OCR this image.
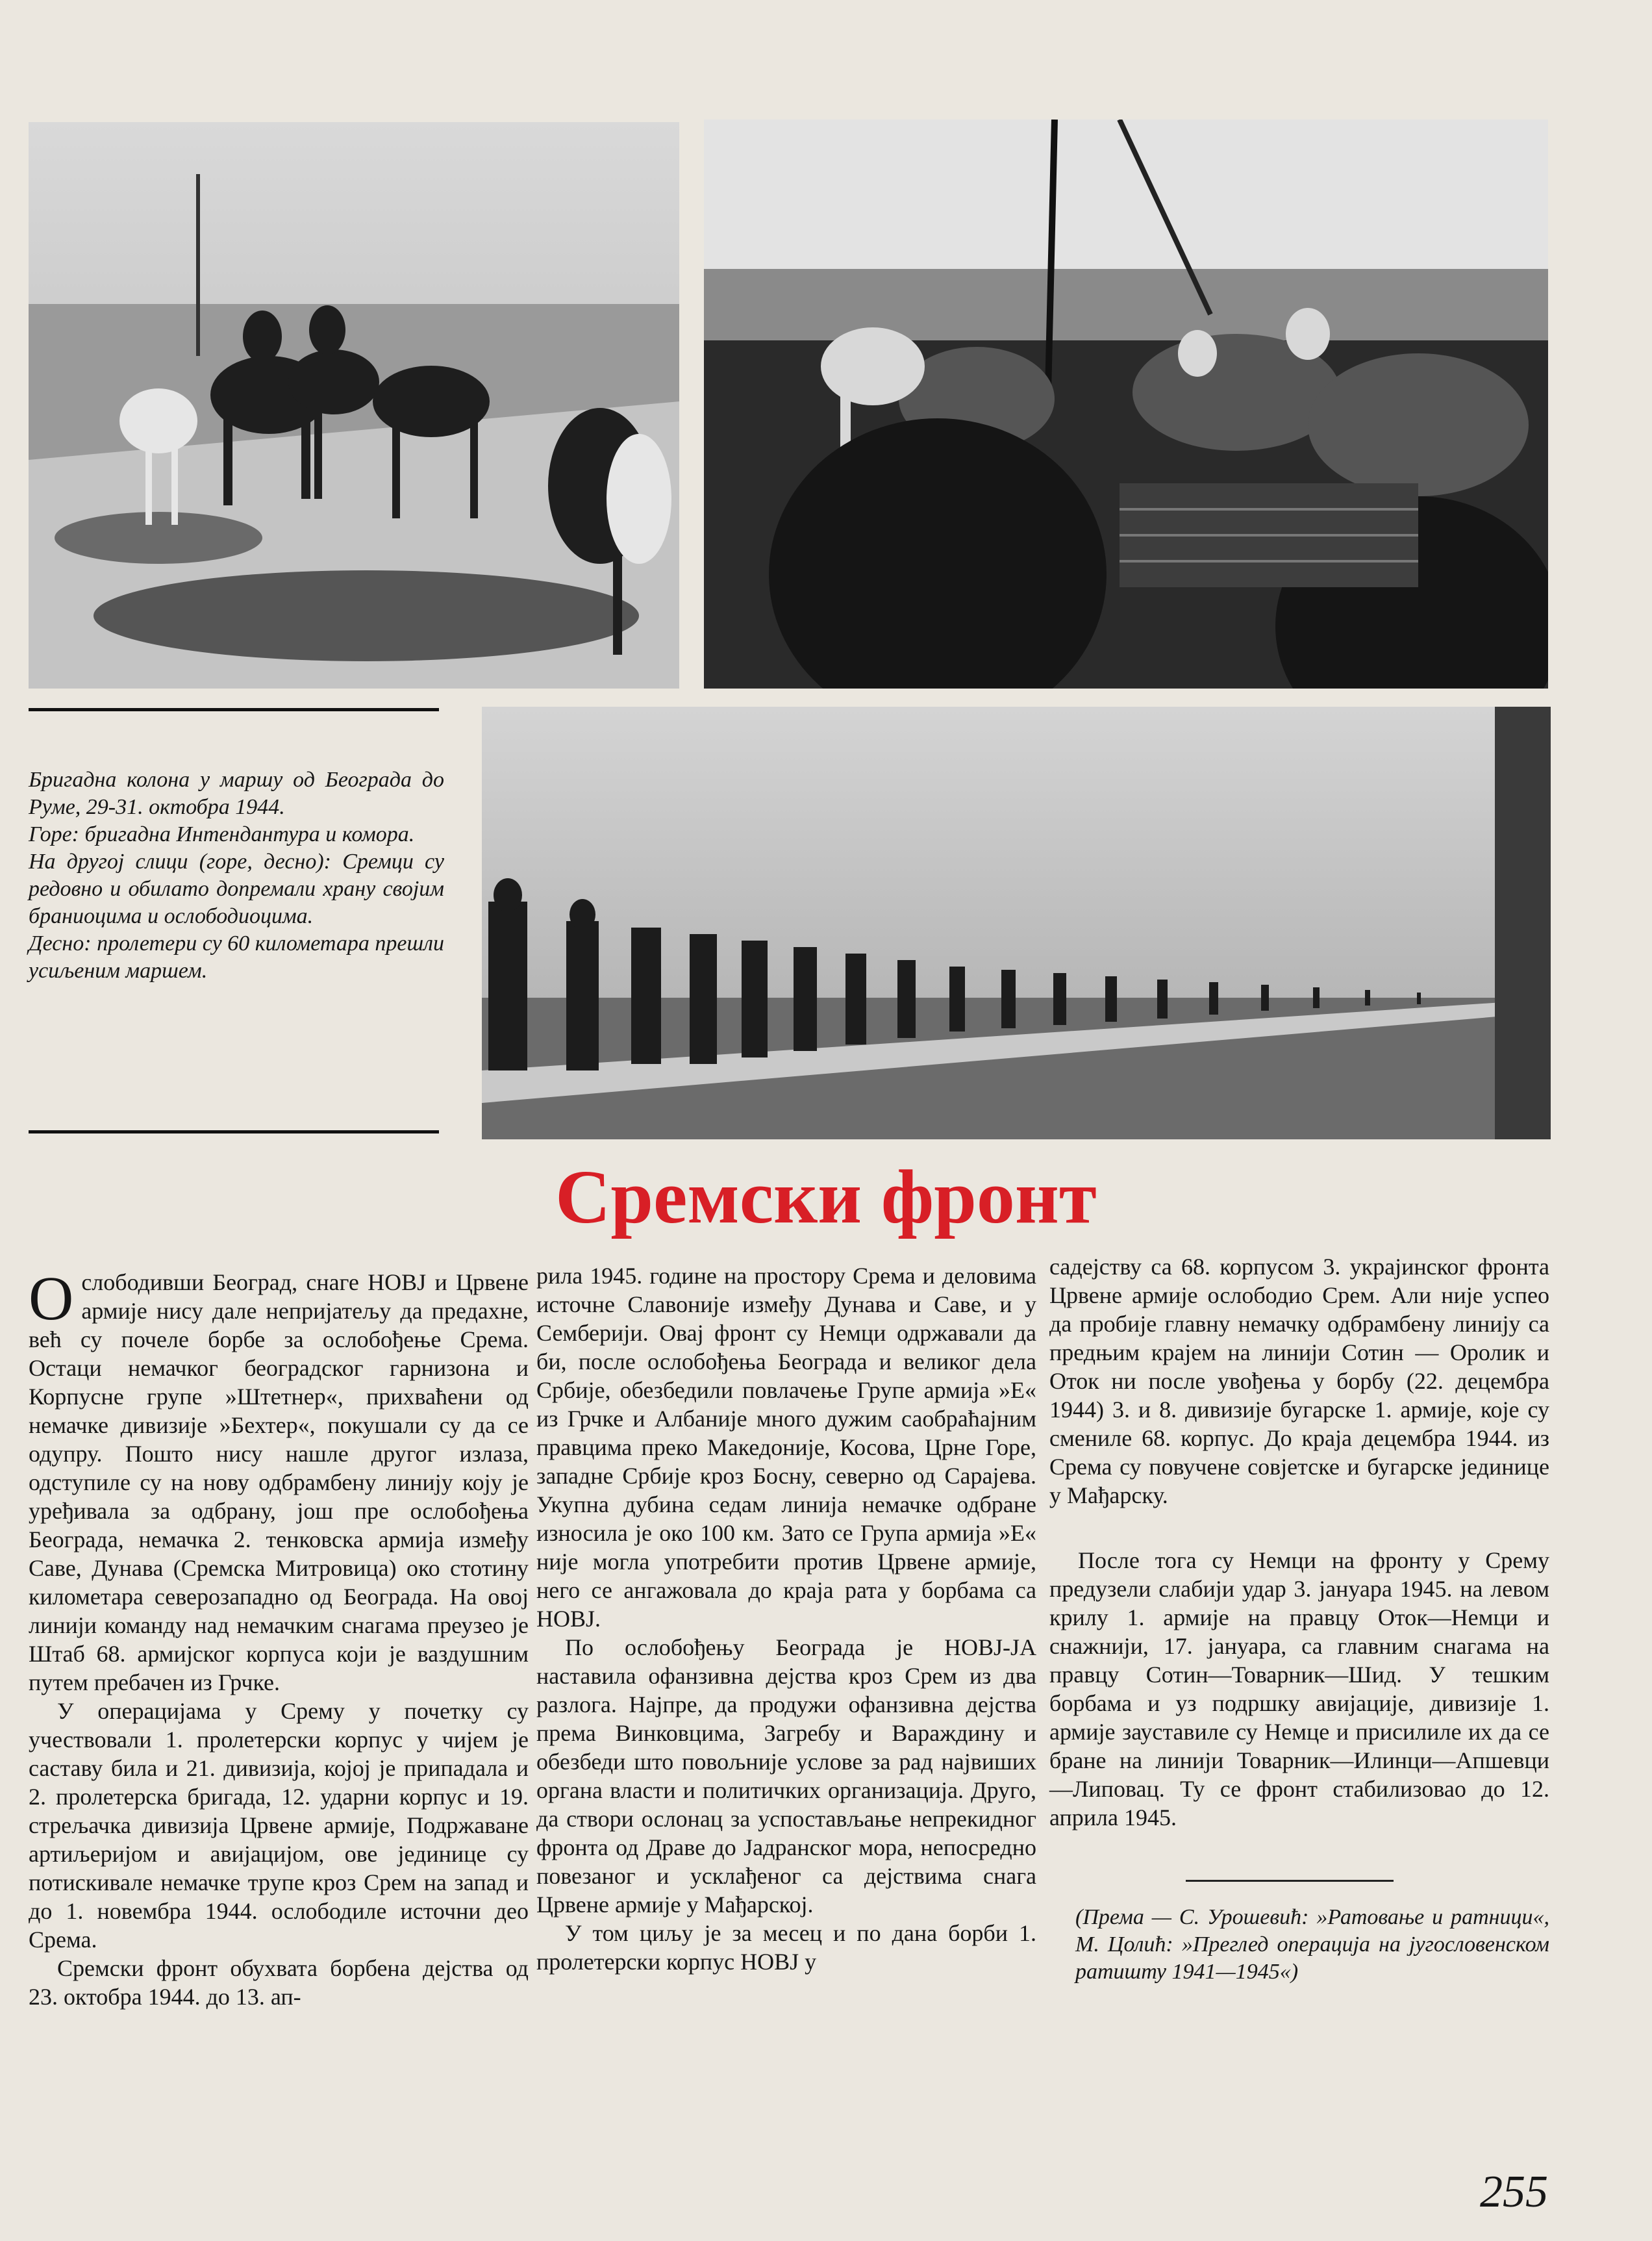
Бригадна колона у маршу од Београда до Руме, 29-31. октобра 1944.

Горе: бригадна Интендантура и комора.

На другој слици (горе, десно): Сремци су редовно и обилато допремали храну својим браниоцима и ослободиоцима.

Десно: пролетери су 60 километара прешли усиљеним маршем.

Сремски фронт

Ослободивши Београд, снаге НОВЈ и Црвене армије нису дале непријатељу да предахне, већ су почеле борбе за ослобођење Срема. Остаци немачког београдског гарнизона и Корпусне групе »Штетнер«, прихваћени од немачке дивизије »Бехтер«, покушали су да се одупру. Пошто нису нашле другог излаза, одступиле су на нову одбрамбену линију коју је уређивала за одбрану, још пре ослобођења Београда, немачка 2. тенковска армија између Саве, Дунава (Сремска Митровица) око стотину километара северозападно од Београда. На овој линији команду над немачким снагама преузео је Штаб 68. армијског корпуса који је ваздушним путем пребачен из Грчке.

У операцијама у Срему у почетку су учествовали 1. пролетерски корпус у чијем је саставу била и 21. дивизија, којој је припадала и 2. пролетерска бригада, 12. ударни корпус и 19. стрељачка дивизија Црвене армије, Подржаване артиљеријом и авијацијом, ове јединице су потискивале немачке трупе кроз Срем на запад и до 1. новембра 1944. ослободиле источни део Срема.

Сремски фронт обухвата борбена дејства од 23. октобра 1944. до 13. ап-

рила 1945. године на простору Срема и деловима источне Славоније између Дунава и Саве, и у Семберији. Овај фронт су Немци одржавали да би, после ослобођења Београда и великог дела Србије, обезбедили повлачење Групе армија »Е« из Грчке и Албаније много дужим саобраћајним правцима преко Македоније, Косова, Црне Горе, западне Србије кроз Босну, северно од Сарајева. Укупна дубина седам линија немачке одбране износила је око 100 км. Зато се Група армија »Е« није могла употребити против Црвене армије, него се ангажовала до краја рата у борбама са НОВЈ.

По ослобођењу Београда је НОВЈ-ЈА наставила офанзивна дејства кроз Срем из два разлога. Најпре, да продужи офанзивна дејства према Винковцима, Загребу и Вараждину и обезбеди што повољније услове за рад највиших органа власти и политичких организација. Друго, да створи ослонац за успостављање непрекидног фронта од Драве до Јадранског мора, непосредно повезаног и усклађеног са дејствима снага Црвене армије у Мађарској.

У том циљу је за месец и по дана борби 1. пролетерски корпус НОВЈ у

садејству са 68. корпусом 3. украјинског фронта Црвене армије ослободио Срем. Али није успео да пробије главну немачку одбрамбену линију са предњим крајем на линији Сотин — Оролик и Оток ни после увођења у борбу (22. децембра 1944) 3. и 8. дивизије бугарске 1. армије, које су сменилe 68. корпус. До краја децембра 1944. из Срема су повучене совјетске и бугарске јединице у Мађарску.

После тога су Немци на фронту у Срему предузели слабији удар 3. јануара 1945. на левом крилу 1. армије на правцу Оток—Немци и снажнији, 17. јануара, са главним снагама на правцу Сотин—Товарник—Шид. У тешким борбама и уз подршку авијације, дивизије 1. армије зауставиле су Немце и присилиле их да се бране на линији Товарник—Илинци—Апшевци—Липовац. Ту се фронт стабилизовао до 12. априла 1945.

(Према — С. Урошевић: »Ратовање и ратници«, М. Цолић: »Преглед операција на југословенском ратишту 1941—1945«)
255
